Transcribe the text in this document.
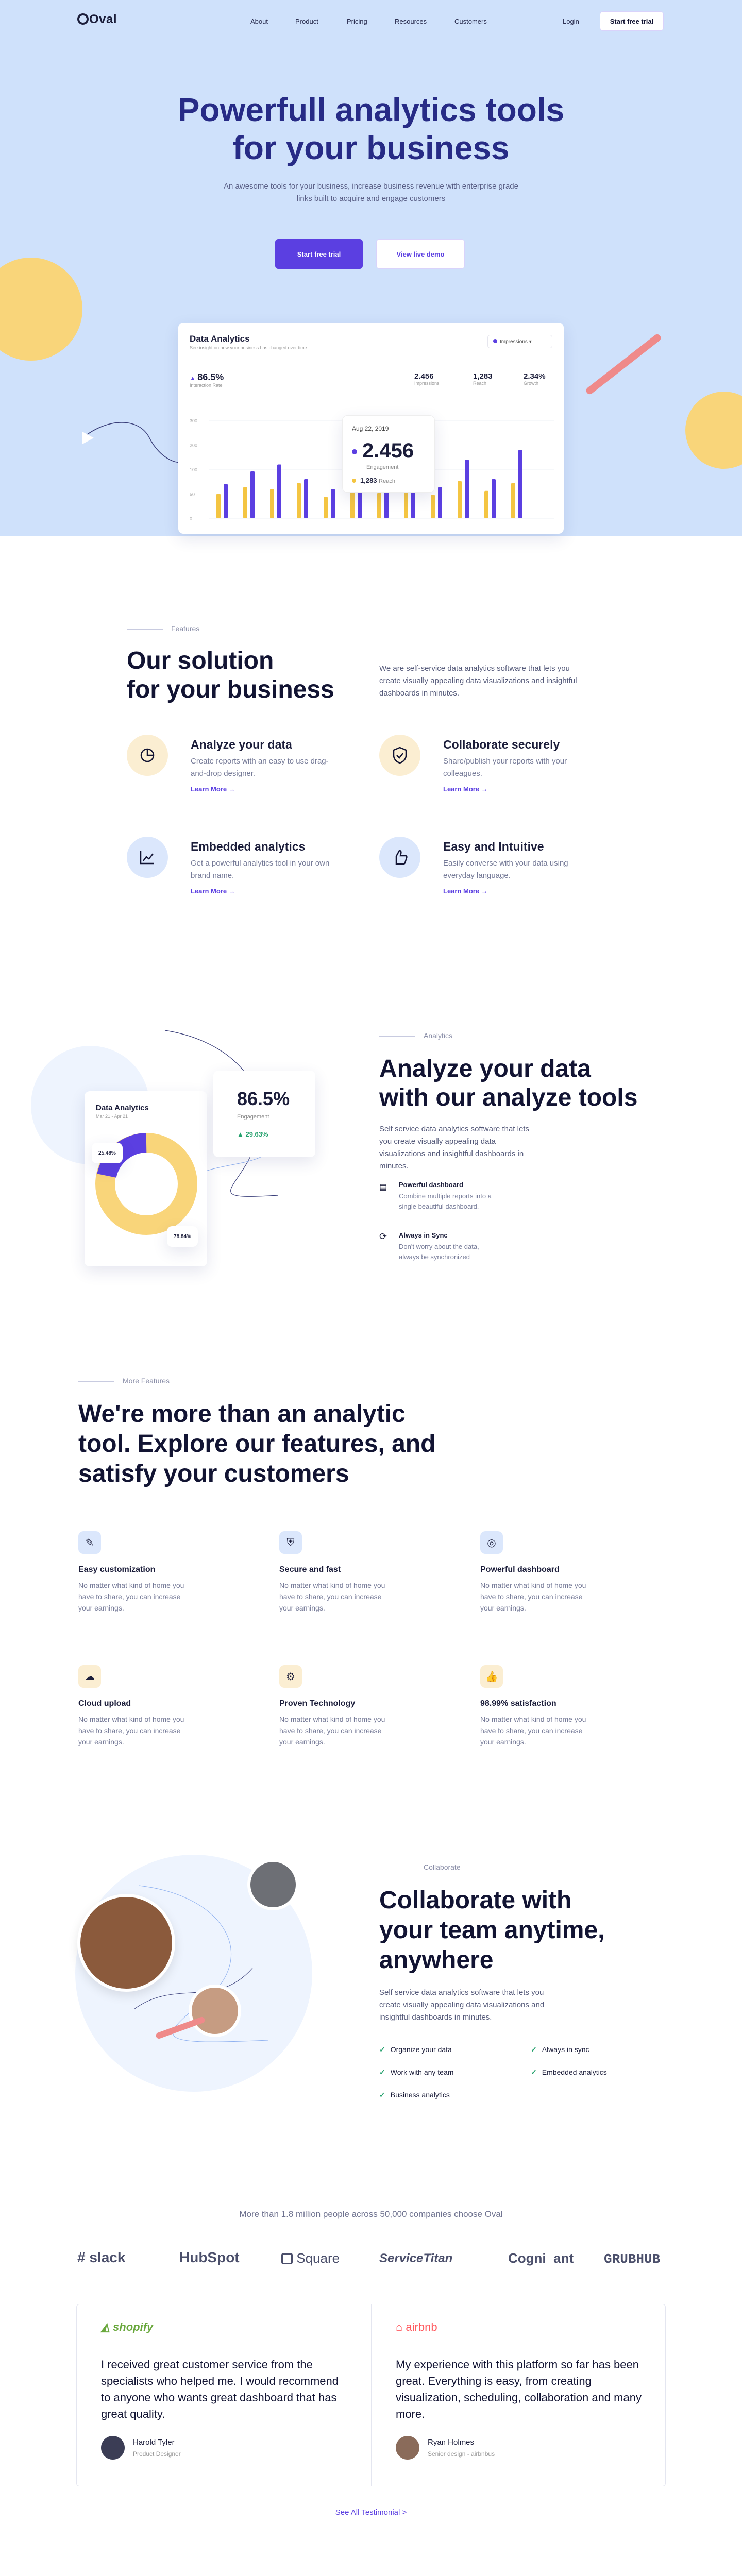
Oval	About	Product	Pricing	Resources	Customers	Login	Start free trial
Powerfull analytics tools
for your business
An awesome tools for your business, increase business revenue with enterprise grade
links built to acquire and engage customers
Start free trial	View live demo
Data Analytics
See insight on how your business has changed over time
Impressions ▾
▲ 86.5%
Interaction Rate
2.456
Impressions
1,283
Reach
2.34%
Growth
300
200
100
50
0
Aug 22, 2019
2.456
Engagement
1,283 Reach
Features
Our solution
for your business
We are self-service data analytics software that lets you create visually appealing data visualizations and insightful dashboards in minutes.
Analyze your data
Create reports with an easy to use drag-and-drop designer.
Learn More →
Collaborate securely
Share/publish your reports with your colleagues.
Learn More →
Embedded analytics
Get a powerful analytics tool in your own brand name.
Learn More →
Easy and Intuitive
Easily converse with your data using everyday language.
Learn More →
Data Analytics
Mar 21 - Apr 21
25.48%
78.84%
86.5%
Engagement
▲ 29.63%
Analytics
Analyze your data
with our analyze tools
Self service data analytics software that lets you create visually appealing data visualizations and insightful dashboards in minutes.
▤ Powerful dashboard
Combine multiple reports into a
single beautiful dashboard.
⟳ Always in Sync
Don't worry about the data,
always be synchronized
More Features
We're more than an analytic
tool. Explore our features, and
satisfy your customers
✎
Easy customization
No matter what kind of home you
have to share, you can increase
your earnings.
⛨
Secure and fast
No matter what kind of home you
have to share, you can increase
your earnings.
◎
Powerful dashboard
No matter what kind of home you
have to share, you can increase
your earnings.
☁
Cloud upload
No matter what kind of home you
have to share, you can increase
your earnings.
⚙
Proven Technology
No matter what kind of home you
have to share, you can increase
your earnings.
👍
98.99% satisfaction
No matter what kind of home you
have to share, you can increase
your earnings.
Collaborate
Collaborate with
your team anytime,
anywhere
Self service data analytics software that lets you create visually appealing data visualizations and insightful dashboards in minutes.
✓ Organize your data	✓ Always in sync
✓ Work with any team	✓ Embedded analytics
✓ Business analytics
More than 1.8 million people across 50,000 companies choose Oval
# slack	HubSpot	Square	ServiceTitan	Cogni_ant GRUBHUB
◭ shopify
I received great customer service from the specialists who helped me. I would recommend to anyone who wants great dashboard that has great quality.
Harold Tyler
Product Designer
⌂ airbnb
My experience with this platform so far has been great. Everything is easy, from creating visualization, scheduling, collaboration and many more.
Ryan Holmes
Senior design - airbnbus
See All Testimonial >
